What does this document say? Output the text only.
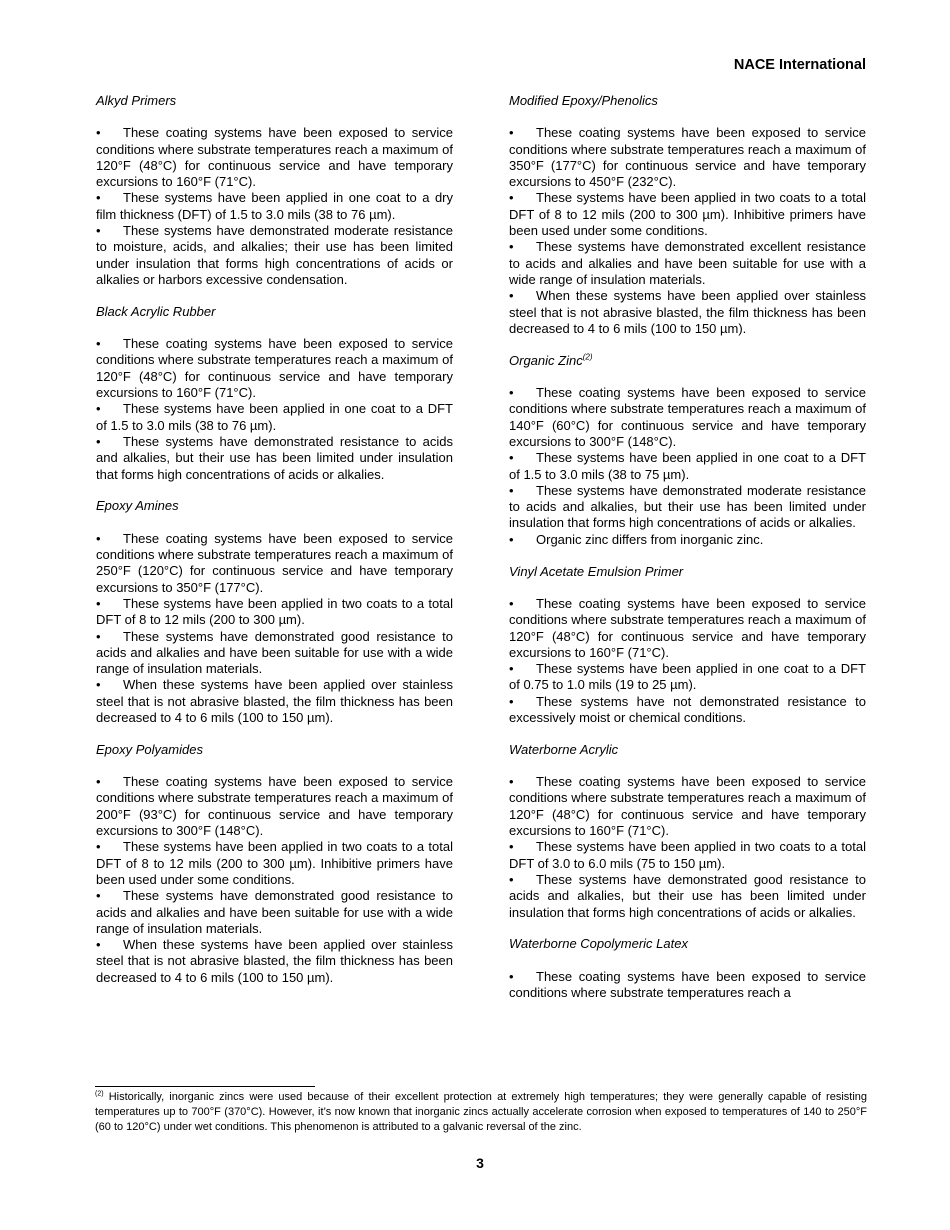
NACE International

Alkyd Primers

• These coating systems have been exposed to service conditions where substrate temperatures reach a maximum of 120°F (48°C) for continuous service and have temporary excursions to 160°F (71°C).

• These systems have been applied in one coat to a dry film thickness (DFT) of 1.5 to 3.0 mils (38 to 76 µm).

• These systems have demonstrated moderate resistance to moisture, acids, and alkalies; their use has been limited under insulation that forms high concentrations of acids or alkalies or harbors excessive condensation.

Black Acrylic Rubber

• These coating systems have been exposed to service conditions where substrate temperatures reach a maximum of 120°F (48°C) for continuous service and have temporary excursions to 160°F (71°C).

• These systems have been applied in one coat to a DFT of 1.5 to 3.0 mils (38 to 76 µm).

• These systems have demonstrated resistance to acids and alkalies, but their use has been limited under insulation that forms high concentrations of acids or alkalies.

Epoxy Amines

• These coating systems have been exposed to service conditions where substrate temperatures reach a maximum of 250°F (120°C) for continuous service and have temporary excursions to 350°F (177°C).

• These systems have been applied in two coats to a total DFT of 8 to 12 mils (200 to 300 µm).

• These systems have demonstrated good resistance to acids and alkalies and have been suitable for use with a wide range of insulation materials.

• When these systems have been applied over stainless steel that is not abrasive blasted, the film thickness has been decreased to 4 to 6 mils (100 to 150 µm).

Epoxy Polyamides

• These coating systems have been exposed to service conditions where substrate temperatures reach a maximum of 200°F (93°C) for continuous service and have temporary excursions to 300°F (148°C).

• These systems have been applied in two coats to a total DFT of 8 to 12 mils (200 to 300 µm). Inhibitive primers have been used under some conditions.

• These systems have demonstrated good resistance to acids and alkalies and have been suitable for use with a wide range of insulation materials.

• When these systems have been applied over stainless steel that is not abrasive blasted, the film thickness has been decreased to 4 to 6 mils (100 to 150 µm).

Modified Epoxy/Phenolics

• These coating systems have been exposed to service conditions where substrate temperatures reach a maximum of 350°F (177°C) for continuous service and have temporary excursions to 450°F (232°C).

• These systems have been applied in two coats to a total DFT of 8 to 12 mils (200 to 300 µm). Inhibitive primers have been used under some conditions.

• These systems have demonstrated excellent resistance to acids and alkalies and have been suitable for use with a wide range of insulation materials.

• When these systems have been applied over stainless steel that is not abrasive blasted, the film thickness has been decreased to 4 to 6 mils (100 to 150 µm).

Organic Zinc$^{(2)}$

• These coating systems have been exposed to service conditions where substrate temperatures reach a maximum of 140°F (60°C) for continuous service and have temporary excursions to 300°F (148°C).

• These systems have been applied in one coat to a DFT of 1.5 to 3.0 mils (38 to 75 µm).

• These systems have demonstrated moderate resistance to acids and alkalies, but their use has been limited under insulation that forms high concentrations of acids or alkalies.

• Organic zinc differs from inorganic zinc.

Vinyl Acetate Emulsion Primer

• These coating systems have been exposed to service conditions where substrate temperatures reach a maximum of 120°F (48°C) for continuous service and have temporary excursions to 160°F (71°C).

• These systems have been applied in one coat to a DFT of 0.75 to 1.0 mils (19 to 25 µm).

• These systems have not demonstrated resistance to excessively moist or chemical conditions.

Waterborne Acrylic

• These coating systems have been exposed to service conditions where substrate temperatures reach a maximum of 120°F (48°C) for continuous service and have temporary excursions to 160°F (71°C).

• These systems have been applied in two coats to a total DFT of 3.0 to 6.0 mils (75 to 150 µm).

• These systems have demonstrated good resistance to acids and alkalies, but their use has been limited under insulation that forms high concentrations of acids or alkalies.

Waterborne Copolymeric Latex

• These coating systems have been exposed to service conditions where substrate temperatures reach a

$^{(2)}$ Historically, inorganic zincs were used because of their excellent protection at extremely high temperatures; they were generally capable of resisting temperatures up to 700°F (370°C). However, it’s now known that inorganic zincs actually accelerate corrosion when exposed to temperatures of 140 to 250°F (60 to 120°C) under wet conditions. This phenomenon is attributed to a galvanic reversal of the zinc.
3
